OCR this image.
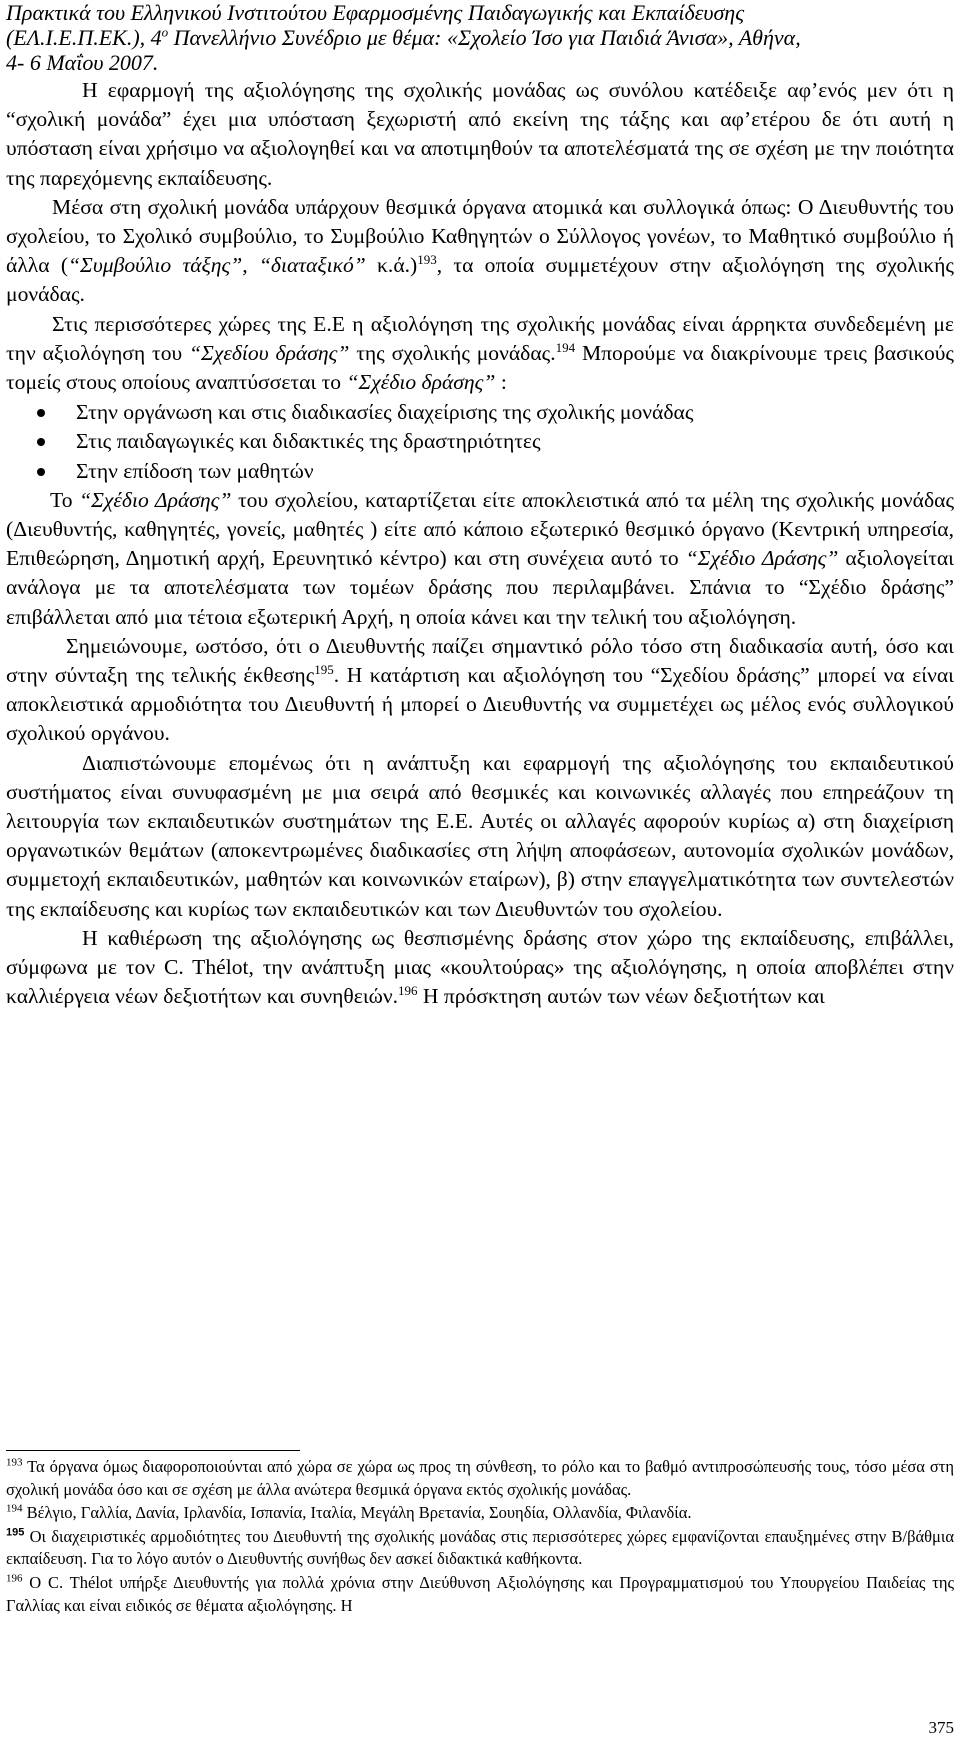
Πρακτικά του Ελληνικού Ινστιτούτου Εφαρμοσμένης Παιδαγωγικής και Εκπαίδευσης
(ΕΛ.Ι.Ε.Π.ΕΚ.), $4^o$ Πανελλήνιο Συνέδριο με θέμα: «Σχολείο Ίσο για Παιδιά Άνισα», Αθήνα,
4- 6 Μαΐου 2007.

Η εφαρμογή της αξιολόγησης της σχολικής μονάδας ως συνόλου κατέδειξε αφ’ενός μεν ότι η “σχολική μονάδα” έχει μια υπόσταση ξεχωριστή από εκείνη της τάξης και αφ’ετέρου δε ότι αυτή η υπόσταση είναι χρήσιμο να αξιολογηθεί και να αποτιμηθούν τα αποτελέσματά της σε σχέση με την ποιότητα της παρεχόμενης εκπαίδευσης.

Μέσα στη σχολική μονάδα υπάρχουν θεσμικά όργανα ατομικά και συλλογικά όπως: Ο Διευθυντής του σχολείου, το Σχολικό συμβούλιο, το Συμβούλιο Καθηγητών ο Σύλλογος γονέων, το Μαθητικό συμβούλιο ή άλλα (“Συμβούλιο τάξης”, “διαταξικό” κ.ά.)$^{193}$, τα οποία συμμετέχουν στην αξιολόγηση της σχολικής μονάδας.

Στις περισσότερες χώρες της Ε.Ε η αξιολόγηση της σχολικής μονάδας είναι άρρηκτα συνδεδεμένη με την αξιολόγηση του “Σχεδίου δράσης” της σχολικής μονάδας.$^{194}$ Μπορούμε να διακρίνουμε τρεις βασικούς τομείς στους οποίους αναπτύσσεται το “Σχέδιο δράσης” :

Στην οργάνωση και στις διαδικασίες διαχείρισης της σχολικής μονάδας
Στις παιδαγωγικές και διδακτικές της δραστηριότητες
Στην επίδοση των μαθητών

Το “Σχέδιο Δράσης” του σχολείου, καταρτίζεται είτε αποκλειστικά από τα μέλη της σχολικής μονάδας (Διευθυντής, καθηγητές, γονείς, μαθητές ) είτε από κάποιο εξωτερικό θεσμικό όργανο (Κεντρική υπηρεσία, Επιθεώρηση, Δημοτική αρχή, Ερευνητικό κέντρο) και στη συνέχεια αυτό το “Σχέδιο Δράσης” αξιολογείται ανάλογα με τα αποτελέσματα των τομέων δράσης που περιλαμβάνει. Σπάνια το “Σχέδιο δράσης” επιβάλλεται από μια τέτοια εξωτερική Αρχή, η οποία κάνει και την τελική του αξιολόγηση.

Σημειώνουμε, ωστόσο, ότι ο Διευθυντής παίζει σημαντικό ρόλο τόσο στη διαδικασία αυτή, όσο και στην σύνταξη της τελικής έκθεσης$^{195}$. Η κατάρτιση και αξιολόγηση του “Σχεδίου δράσης” μπορεί να είναι αποκλειστικά αρμοδιότητα του Διευθυντή ή μπορεί ο Διευθυντής να συμμετέχει ως μέλος ενός συλλογικού σχολικού οργάνου.

Διαπιστώνουμε επομένως ότι η ανάπτυξη και εφαρμογή της αξιολόγησης του εκπαιδευτικού συστήματος είναι συνυφασμένη με μια σειρά από θεσμικές και κοινωνικές αλλαγές που επηρεάζουν τη λειτουργία των εκπαιδευτικών συστημάτων της Ε.Ε. Αυτές οι αλλαγές αφορούν κυρίως α) στη διαχείριση οργανωτικών θεμάτων (αποκεντρωμένες διαδικασίες στη λήψη αποφάσεων, αυτονομία σχολικών μονάδων, συμμετοχή εκπαιδευτικών, μαθητών και κοινωνικών εταίρων), β) στην επαγγελματικότητα των συντελεστών της εκπαίδευσης και κυρίως των εκπαιδευτικών και των Διευθυντών του σχολείου.

Η καθιέρωση της αξιολόγησης ως θεσπισμένης δράσης στον χώρο της εκπαίδευσης, επιβάλλει, σύμφωνα με τον C. Thélot, την ανάπτυξη μιας «κουλτούρας» της αξιολόγησης, η οποία αποβλέπει στην καλλιέργεια νέων δεξιοτήτων και συνηθειών.$^{196}$ Η πρόσκτηση αυτών των νέων δεξιοτήτων και

$^{193}$ Τα όργανα όμως διαφοροποιούνται από χώρα σε χώρα ως προς τη σύνθεση, το ρόλο και το βαθμό αντιπροσώπευσής τους, τόσο μέσα στη σχολική μονάδα όσο και σε σχέση με άλλα ανώτερα θεσμικά όργανα εκτός σχολικής μονάδας.

$^{194}$ Βέλγιο, Γαλλία, Δανία, Ιρλανδία, Ισπανία, Ιταλία, Μεγάλη Βρετανία, Σουηδία, Ολλανδία, Φιλανδία.

$^{195}$ Οι διαχειριστικές αρμοδιότητες του Διευθυντή της σχολικής μονάδας στις περισσότερες χώρες εμφανίζονται επαυξημένες στην Β/βάθμια εκπαίδευση. Για το λόγο αυτόν ο Διευθυντής συνήθως δεν ασκεί διδακτικά καθήκοντα.

$^{196}$ Ο C. Thélot υπήρξε Διευθυντής για πολλά χρόνια στην Διεύθυνση Αξιολόγησης και Προγραμματισμού του Υπουργείου Παιδείας της Γαλλίας και είναι ειδικός σε θέματα αξιολόγησης. Η

375
